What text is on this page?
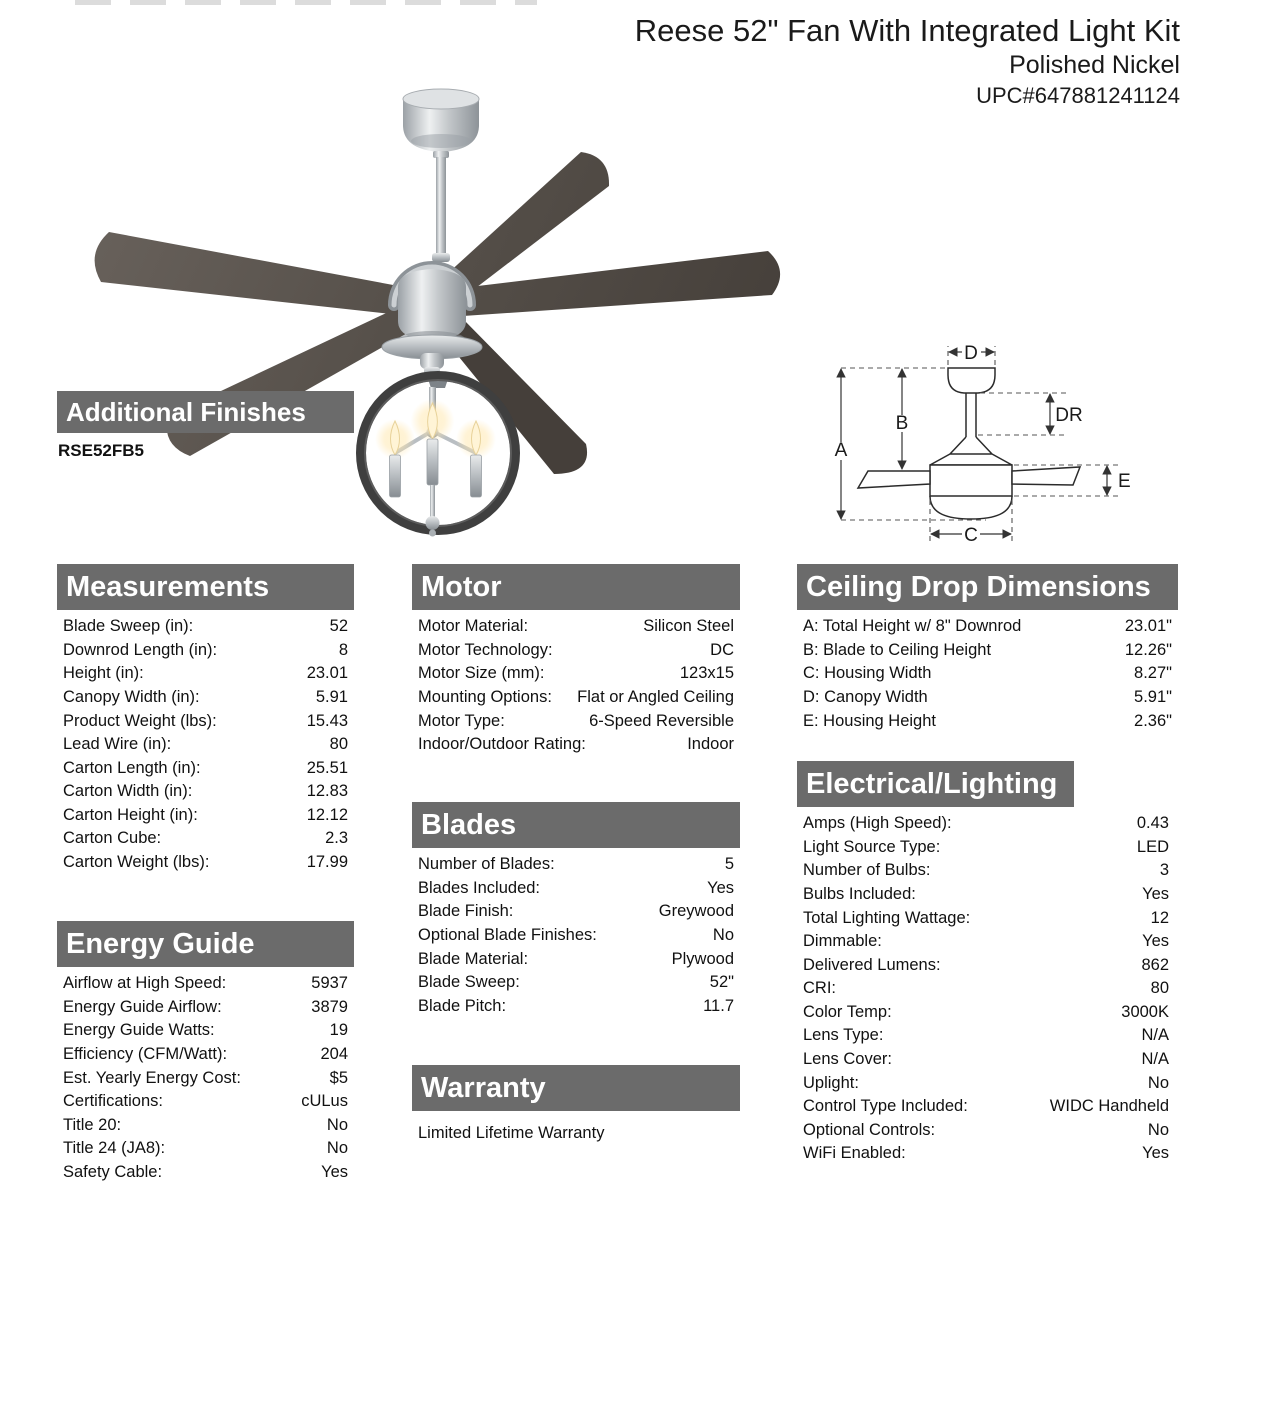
Reese 52" Fan With Integrated Light Kit
Polished Nickel
UPC#647881241124
Additional Finishes
RSE52FB5
D
A
B	DR
E
C
Measurements
Blade Sweep (in):	52
Downrod Length (in):	8
Height (in):	23.01
Canopy Width (in):	5.91
Product Weight (lbs):	15.43
Lead Wire (in):	80
Carton Length (in):	25.51
Carton Width (in):	12.83
Carton Height (in):	12.12
Carton Cube:	2.3
Carton Weight (lbs):	17.99
Energy Guide
Airflow at High Speed:	5937
Energy Guide Airflow:	3879
Energy Guide Watts:	19
Efficiency (CFM/Watt):	204
Est. Yearly Energy Cost:	$5
Certifications:	cULus
Title 20:	No
Title 24 (JA8):	No
Safety Cable:	Yes
Motor
Motor Material:	Silicon Steel
Motor Technology:	DC
Motor Size (mm):	123x15
Mounting Options:	Flat or Angled Ceiling
Motor Type:	6-Speed Reversible
Indoor/Outdoor Rating:	Indoor
Blades
Number of Blades:	5
Blades Included:	Yes
Blade Finish:	Greywood
Optional Blade Finishes:	No
Blade Material:	Plywood
Blade Sweep:	52"
Blade Pitch:	11.7
Warranty
Limited Lifetime Warranty
Ceiling Drop Dimensions
A: Total Height w/ 8" Downrod	23.01"
B: Blade to Ceiling Height	12.26"
C: Housing Width	8.27"
D: Canopy Width	5.91"
E: Housing Height	2.36"
Electrical/Lighting
Amps (High Speed):	0.43
Light Source Type:	LED
Number of Bulbs:	3
Bulbs Included:	Yes
Total Lighting Wattage:	12
Dimmable:	Yes
Delivered Lumens:	862
CRI:	80
Color Temp:	3000K
Lens Type:	N/A
Lens Cover:	N/A
Uplight:	No
Control Type Included:	WIDC Handheld
Optional Controls:	No
WiFi Enabled:	Yes
